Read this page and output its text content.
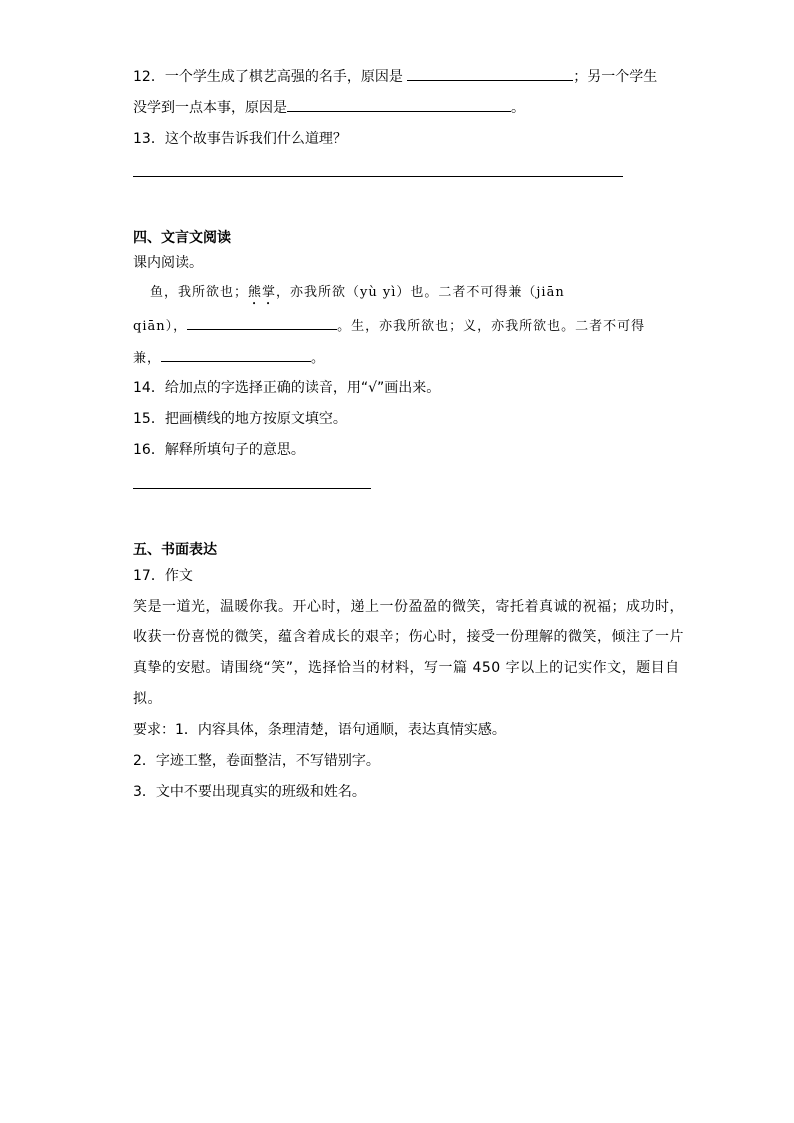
12．一个学生成了棋艺高强的名手，原因是	；另一个学生
没学到一点本事，原因是	。
13．这个故事告诉我们什么道理？
四、文言文阅读
课内阅读。
鱼，我所欲也；熊掌，亦我所欲（yù yì）也。二者不可得兼（jiān
qiān），	。生，亦我所欲也；义，亦我所欲也。二者不可得
兼，	。
14．给加点的字选择正确的读音，用“√”画出来。
15．把画横线的地方按原文填空。
16．解释所填句子的意思。
五、书面表达
17．作文
笑是一道光，温暖你我。开心时，递上一份盈盈的微笑，寄托着真诚的祝福；成功时，
收获一份喜悦的微笑，蕴含着成长的艰辛；伤心时，接受一份理解的微笑，倾注了一片
真挚的安慰。请围绕“笑”，选择恰当的材料，写一篇 450 字以上的记实作文，题目自
拟。
要求：1．内容具体，条理清楚，语句通顺，表达真情实感。
2．字迹工整，卷面整洁，不写错别字。
3．文中不要出现真实的班级和姓名。
